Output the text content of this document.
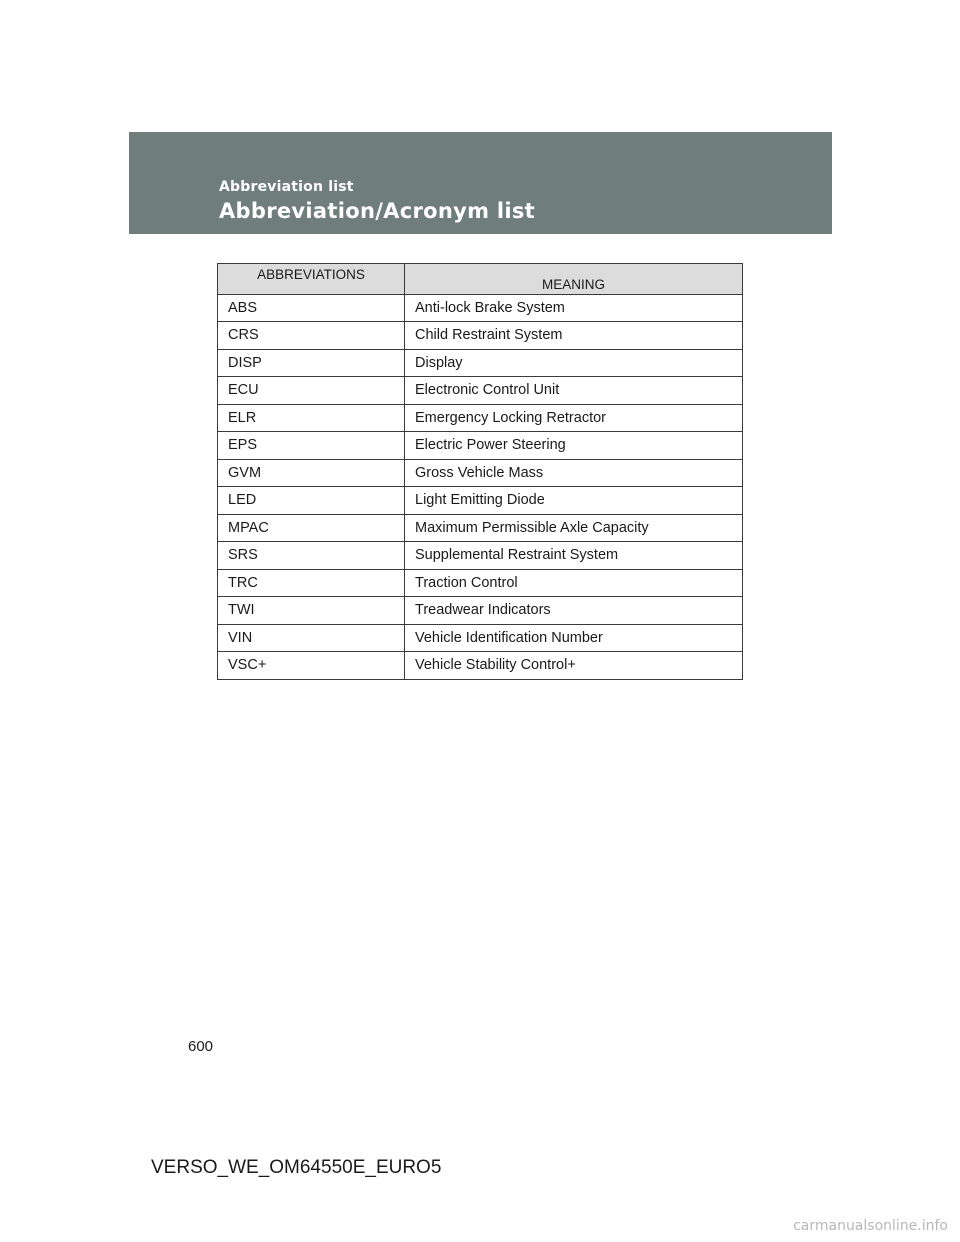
Abbreviation list
Abbreviation/Acronym list
ABBREVIATIONS	MEANING
ABS	Anti-lock Brake System
CRS	Child Restraint System
DISP	Display
ECU	Electronic Control Unit
ELR	Emergency Locking Retractor
EPS	Electric Power Steering
GVM	Gross Vehicle Mass
LED	Light Emitting Diode
MPAC	Maximum Permissible Axle Capacity
SRS	Supplemental Restraint System
TRC	Traction Control
TWI	Treadwear Indicators
VIN	Vehicle Identification Number
VSC+	Vehicle Stability Control+
600
VERSO_WE_OM64550E_EURO5
carmanualsonline.info
